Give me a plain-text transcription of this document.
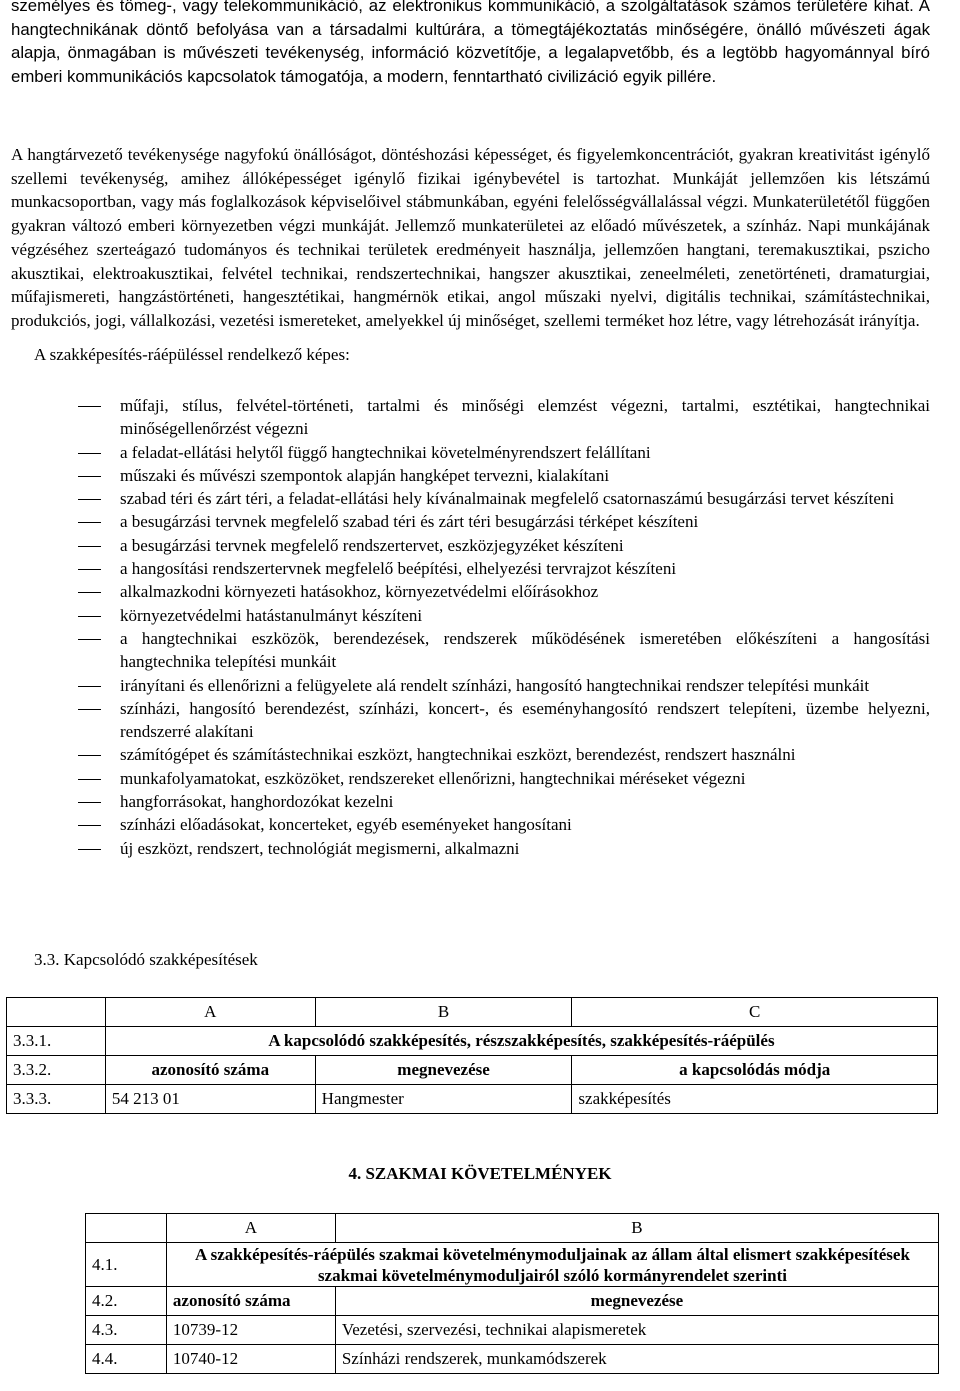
személyes és tömeg-, vagy telekommunikáció, az elektronikus kommunikáció, a szolgáltatások számos területére kihat. A hangtechnikának döntő befolyása van a társadalmi kultúrára, a tömegtájékoztatás minőségére, önálló művészeti ágak alapja, önmagában is művészeti tevékenység, információ közvetítője, a legalapvetőbb, és a legtöbb hagyománnyal bíró emberi kommunikációs kapcsolatok támogatója, a modern, fenntartható civilizáció egyik pillére.
A hangtárvezető tevékenysége nagyfokú önállóságot, döntéshozási képességet, és figyelemkoncentrációt, gyakran kreativitást igénylő szellemi tevékenység, amihez állóképességet igénylő fizikai igénybevétel is tartozhat. Munkáját jellemzően kis létszámú munkacsoportban, vagy más foglalkozások képviselőivel stábmunkában, egyéni felelősségvállalással végzi. Munkaterületétől függően gyakran változó emberi környezetben végzi munkáját. Jellemző munkaterületei az előadó művészetek, a színház. Napi munkájának végzéséhez szerteágazó tudományos és technikai területek eredményeit használja, jellemzően hangtani, teremakusztikai, pszicho akusztikai, elektroakusztikai, felvétel technikai, rendszertechnikai, hangszer akusztikai, zeneelméleti, zenetörténeti, dramaturgiai, műfajismereti, hangzástörténeti, hangesztétikai, hangmérnök etikai, angol műszaki nyelvi, digitális technikai, számítástechnikai, produkciós, jogi, vállalkozási, vezetési ismereteket, amelyekkel új minőséget, szellemi terméket hoz létre, vagy létrehozását irányítja.
A szakképesítés-ráépüléssel rendelkező képes:
műfaji, stílus, felvétel-történeti, tartalmi és minőségi elemzést végezni, tartalmi, esztétikai, hangtechnikai minőségellenőrzést végezni
a feladat-ellátási helytől függő hangtechnikai követelményrendszert felállítani
műszaki és művészi szempontok alapján hangképet tervezni, kialakítani
szabad téri és zárt téri, a feladat-ellátási hely kívánalmainak megfelelő csatornaszámú besugárzási tervet készíteni
a besugárzási tervnek megfelelő szabad téri és zárt téri besugárzási térképet készíteni
a besugárzási tervnek megfelelő rendszertervet, eszközjegyzéket készíteni
a hangosítási rendszertervnek megfelelő beépítési, elhelyezési tervrajzot készíteni
alkalmazkodni környezeti hatásokhoz, környezetvédelmi előírásokhoz
környezetvédelmi hatástanulmányt készíteni
a hangtechnikai eszközök, berendezések, rendszerek működésének ismeretében előkészíteni a hangosítási hangtechnika telepítési munkáit
irányítani és ellenőrizni a felügyelete alá rendelt színházi, hangosító hangtechnikai rendszer telepítési munkáit
színházi, hangosító berendezést, színházi, koncert-, és eseményhangosító rendszert telepíteni, üzembe helyezni, rendszerré alakítani
számítógépet és számítástechnikai eszközt, hangtechnikai eszközt, berendezést, rendszert használni
munkafolyamatokat, eszközöket, rendszereket ellenőrizni, hangtechnikai méréseket végezni
hangforrásokat, hanghordozókat kezelni
színházi előadásokat, koncerteket, egyéb eseményeket hangosítani
új eszközt, rendszert, technológiát megismerni, alkalmazni
3.3. Kapcsolódó szakképesítések
	A	B	C
3.3.1.	A kapcsolódó szakképesítés, részszakképesítés, szakképesítés-ráépülés		
3.3.2.	azonosító száma	megnevezése	a kapcsolódás módja
3.3.3.	54 213 01	Hangmester	szakképesítés
4. SZAKMAI KÖVETELMÉNYEK
	A	B
4.1.	A szakképesítés-ráépülés szakmai követelménymoduljainak az állam által elismert szakképesítések szakmai követelménymoduljairól szóló kormányrendelet szerinti	
4.2.	azonosító száma	megnevezése
4.3.	10739-12	Vezetési, szervezési, technikai alapismeretek
4.4.	10740-12	Színházi rendszerek, munkamódszerek
